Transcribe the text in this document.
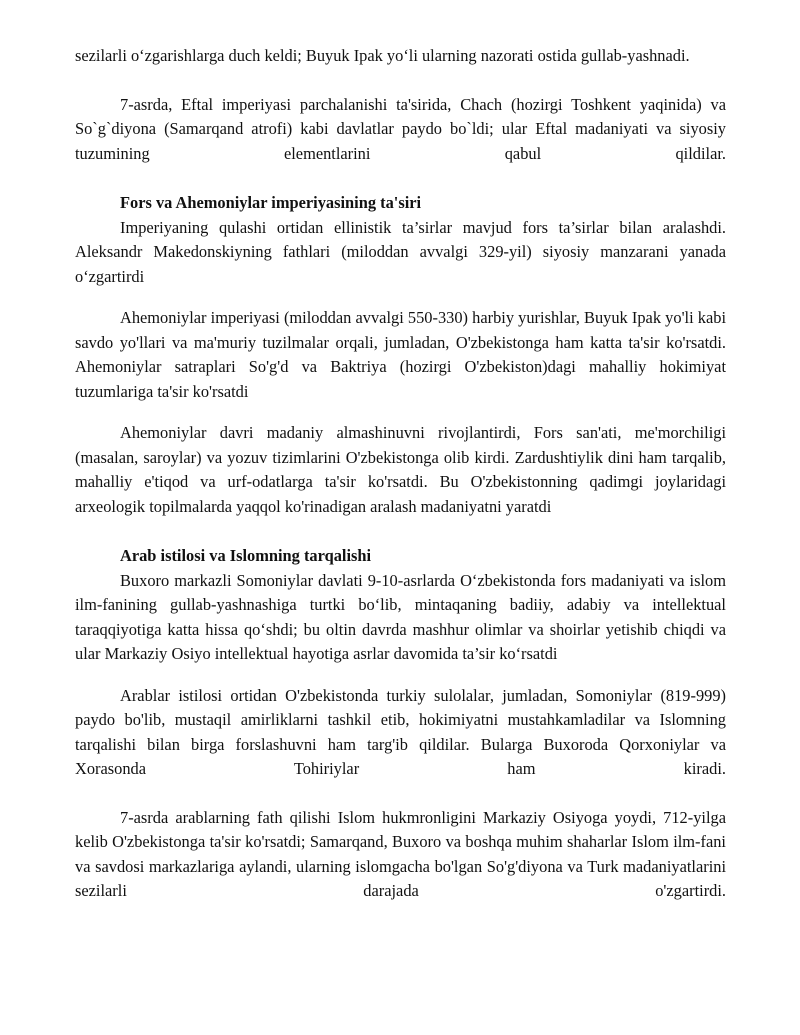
sezilarli o‘zgarishlarga duch keldi; Buyuk Ipak yo‘li ularning nazorati ostida gullab-yashnadi.

7-asrda, Eftal imperiyasi parchalanishi ta'sirida, Chach (hozirgi Toshkent yaqinida) va So`g`diyona (Samarqand atrofi) kabi davlatlar paydo bo`ldi; ular Eftal madaniyati va siyosiy tuzumining elementlarini qabul qildilar.

Fors va Ahemoniylar imperiyasining ta'siri

Imperiyaning qulashi ortidan ellinistik ta’sirlar mavjud fors ta’sirlar bilan aralashdi. Aleksandr Makedonskiyning fathlari (miloddan avvalgi 329-yil) siyosiy manzarani yanada o‘zgartirdi

Ahemoniylar imperiyasi (miloddan avvalgi 550-330) harbiy yurishlar, Buyuk Ipak yo'li kabi savdo yo'llari va ma'muriy tuzilmalar orqali, jumladan, O'zbekistonga ham katta ta'sir ko'rsatdi. Ahemoniylar satraplari So'g'd va Baktriya (hozirgi O'zbekiston)dagi mahalliy hokimiyat tuzumlariga ta'sir ko'rsatdi

Ahemoniylar davri madaniy almashinuvni rivojlantirdi, Fors san'ati, me'morchiligi (masalan, saroylar) va yozuv tizimlarini O'zbekistonga olib kirdi. Zardushtiylik dini ham tarqalib, mahalliy e'tiqod va urf-odatlarga ta'sir ko'rsatdi. Bu O'zbekistonning qadimgi joylaridagi arxeologik topilmalarda yaqqol ko'rinadigan aralash madaniyatni yaratdi

Arab istilosi va Islomning tarqalishi

Buxoro markazli Somoniylar davlati 9-10-asrlarda O‘zbekistonda fors madaniyati va islom ilm-fanining gullab-yashnashiga turtki bo‘lib, mintaqaning badiiy, adabiy va intellektual taraqqiyotiga katta hissa qo‘shdi; bu oltin davrda mashhur olimlar va shoirlar yetishib chiqdi va ular Markaziy Osiyo intellektual hayotiga asrlar davomida ta’sir ko‘rsatdi

Arablar istilosi ortidan O'zbekistonda turkiy sulolalar, jumladan, Somoniylar (819-999) paydo bo'lib, mustaqil amirliklarni tashkil etib, hokimiyatni mustahkamladilar va Islomning tarqalishi bilan birga forslashuvni ham targ'ib qildilar. Bularga Buxoroda Qorxoniylar va Xorasonda Tohiriylar ham kiradi.

7-asrda arablarning fath qilishi Islom hukmronligini Markaziy Osiyoga yoydi, 712-yilga kelib O'zbekistonga ta'sir ko'rsatdi; Samarqand, Buxoro va boshqa muhim shaharlar Islom ilm-fani va savdosi markazlariga aylandi, ularning islomgacha bo'lgan So'g'diyona va Turk madaniyatlarini sezilarli darajada o'zgartirdi.
